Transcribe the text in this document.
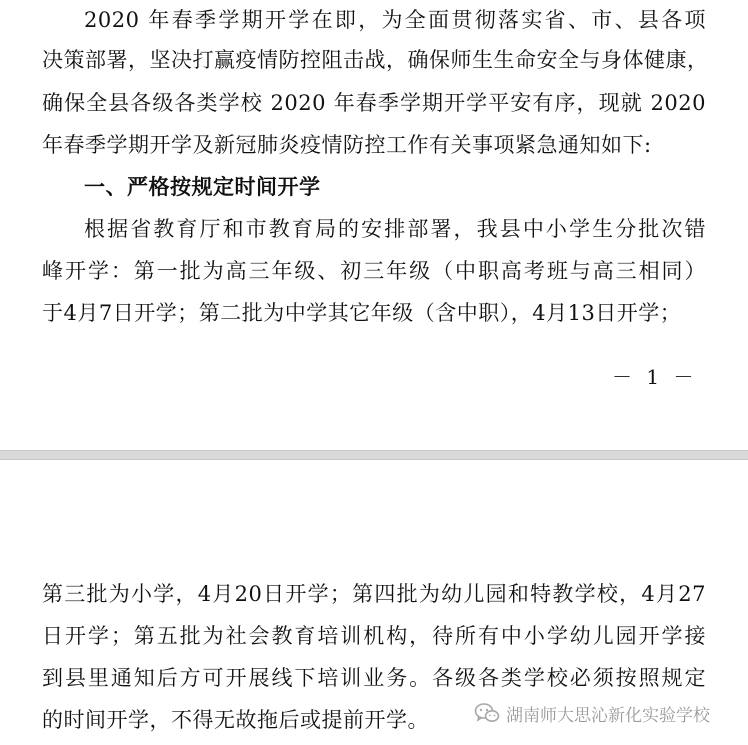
2020 年春季学期开学在即，为全面贯彻落实省、市、县各项
决策部署，坚决打赢疫情防控阻击战，确保师生生命安全与身体健康，
确保全县各级各类学校 2020 年春季学期开学平安有序，现就 2020
年春季学期开学及新冠肺炎疫情防控工作有关事项紧急通知如下:
一、严格按规定时间开学
根据省教育厅和市教育局的安排部署，我县中小学生分批次错
峰开学：第一批为高三年级、初三年级（中职高考班与高三相同）
于4月7日开学；第二批为中学其它年级（含中职），4月13日开学；
－ 1 －
第三批为小学，4月20日开学；第四批为幼儿园和特教学校，4月27
日开学；第五批为社会教育培训机构，待所有中小学幼儿园开学接
到县里通知后方可开展线下培训业务。各级各类学校必须按照规定
的时间开学，不得无故拖后或提前开学。	湖南师大思沁新化实验学校
